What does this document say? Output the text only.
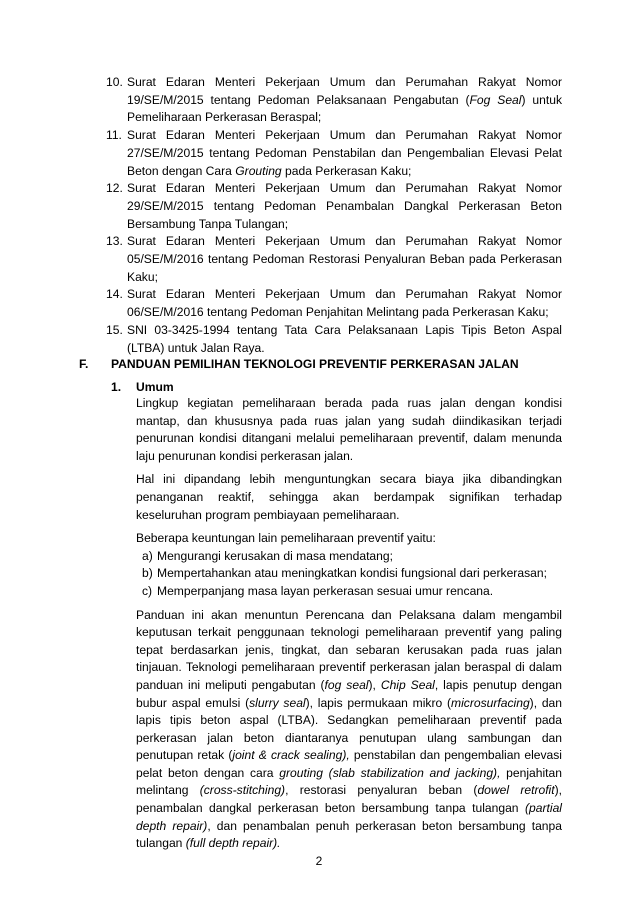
10. Surat Edaran Menteri Pekerjaan Umum dan Perumahan Rakyat Nomor 19/SE/M/2015 tentang Pedoman Pelaksanaan Pengabutan (Fog Seal) untuk Pemeliharaan Perkerasan Beraspal;
11. Surat Edaran Menteri Pekerjaan Umum dan Perumahan Rakyat Nomor 27/SE/M/2015 tentang Pedoman Penstabilan dan Pengembalian Elevasi Pelat Beton dengan Cara Grouting pada Perkerasan Kaku;
12. Surat Edaran Menteri Pekerjaan Umum dan Perumahan Rakyat Nomor 29/SE/M/2015 tentang Pedoman Penambalan Dangkal Perkerasan Beton Bersambung Tanpa Tulangan;
13. Surat Edaran Menteri Pekerjaan Umum dan Perumahan Rakyat Nomor 05/SE/M/2016 tentang Pedoman Restorasi Penyaluran Beban pada Perkerasan Kaku;
14. Surat Edaran Menteri Pekerjaan Umum dan Perumahan Rakyat Nomor 06/SE/M/2016 tentang Pedoman Penjahitan Melintang pada Perkerasan Kaku;
15. SNI 03-3425-1994 tentang Tata Cara Pelaksanaan Lapis Tipis Beton Aspal (LTBA) untuk Jalan Raya.
F. PANDUAN PEMILIHAN TEKNOLOGI PREVENTIF PERKERASAN JALAN
1. Umum

Lingkup kegiatan pemeliharaan berada pada ruas jalan dengan kondisi mantap, dan khususnya pada ruas jalan yang sudah diindikasikan terjadi penurunan kondisi ditangani melalui pemeliharaan preventif, dalam menunda laju penurunan kondisi perkerasan jalan.

Hal ini dipandang lebih menguntungkan secara biaya jika dibandingkan penanganan reaktif, sehingga akan berdampak signifikan terhadap keseluruhan program pembiayaan pemeliharaan.

Beberapa keuntungan lain pemeliharaan preventif yaitu:

a) Mengurangi kerusakan di masa mendatang;
b) Mempertahankan atau meningkatkan kondisi fungsional dari perkerasan;
c) Memperpanjang masa layan perkerasan sesuai umur rencana.

Panduan ini akan menuntun Perencana dan Pelaksana dalam mengambil keputusan terkait penggunaan teknologi pemeliharaan preventif yang paling tepat berdasarkan jenis, tingkat, dan sebaran kerusakan pada ruas jalan tinjauan. Teknologi pemeliharaan preventif perkerasan jalan beraspal di dalam panduan ini meliputi pengabutan (fog seal), Chip Seal, lapis penutup dengan bubur aspal emulsi (slurry seal), lapis permukaan mikro (microsurfacing), dan lapis tipis beton aspal (LTBA). Sedangkan pemeliharaan preventif pada perkerasan jalan beton diantaranya penutupan ulang sambungan dan penutupan retak (joint & crack sealing), penstabilan dan pengembalian elevasi pelat beton dengan cara grouting (slab stabilization and jacking), penjahitan melintang (cross-stitching), restorasi penyaluran beban (dowel retrofit), penambalan dangkal perkerasan beton bersambung tanpa tulangan (partial depth repair), dan penambalan penuh perkerasan beton bersambung tanpa tulangan (full depth repair).

2
